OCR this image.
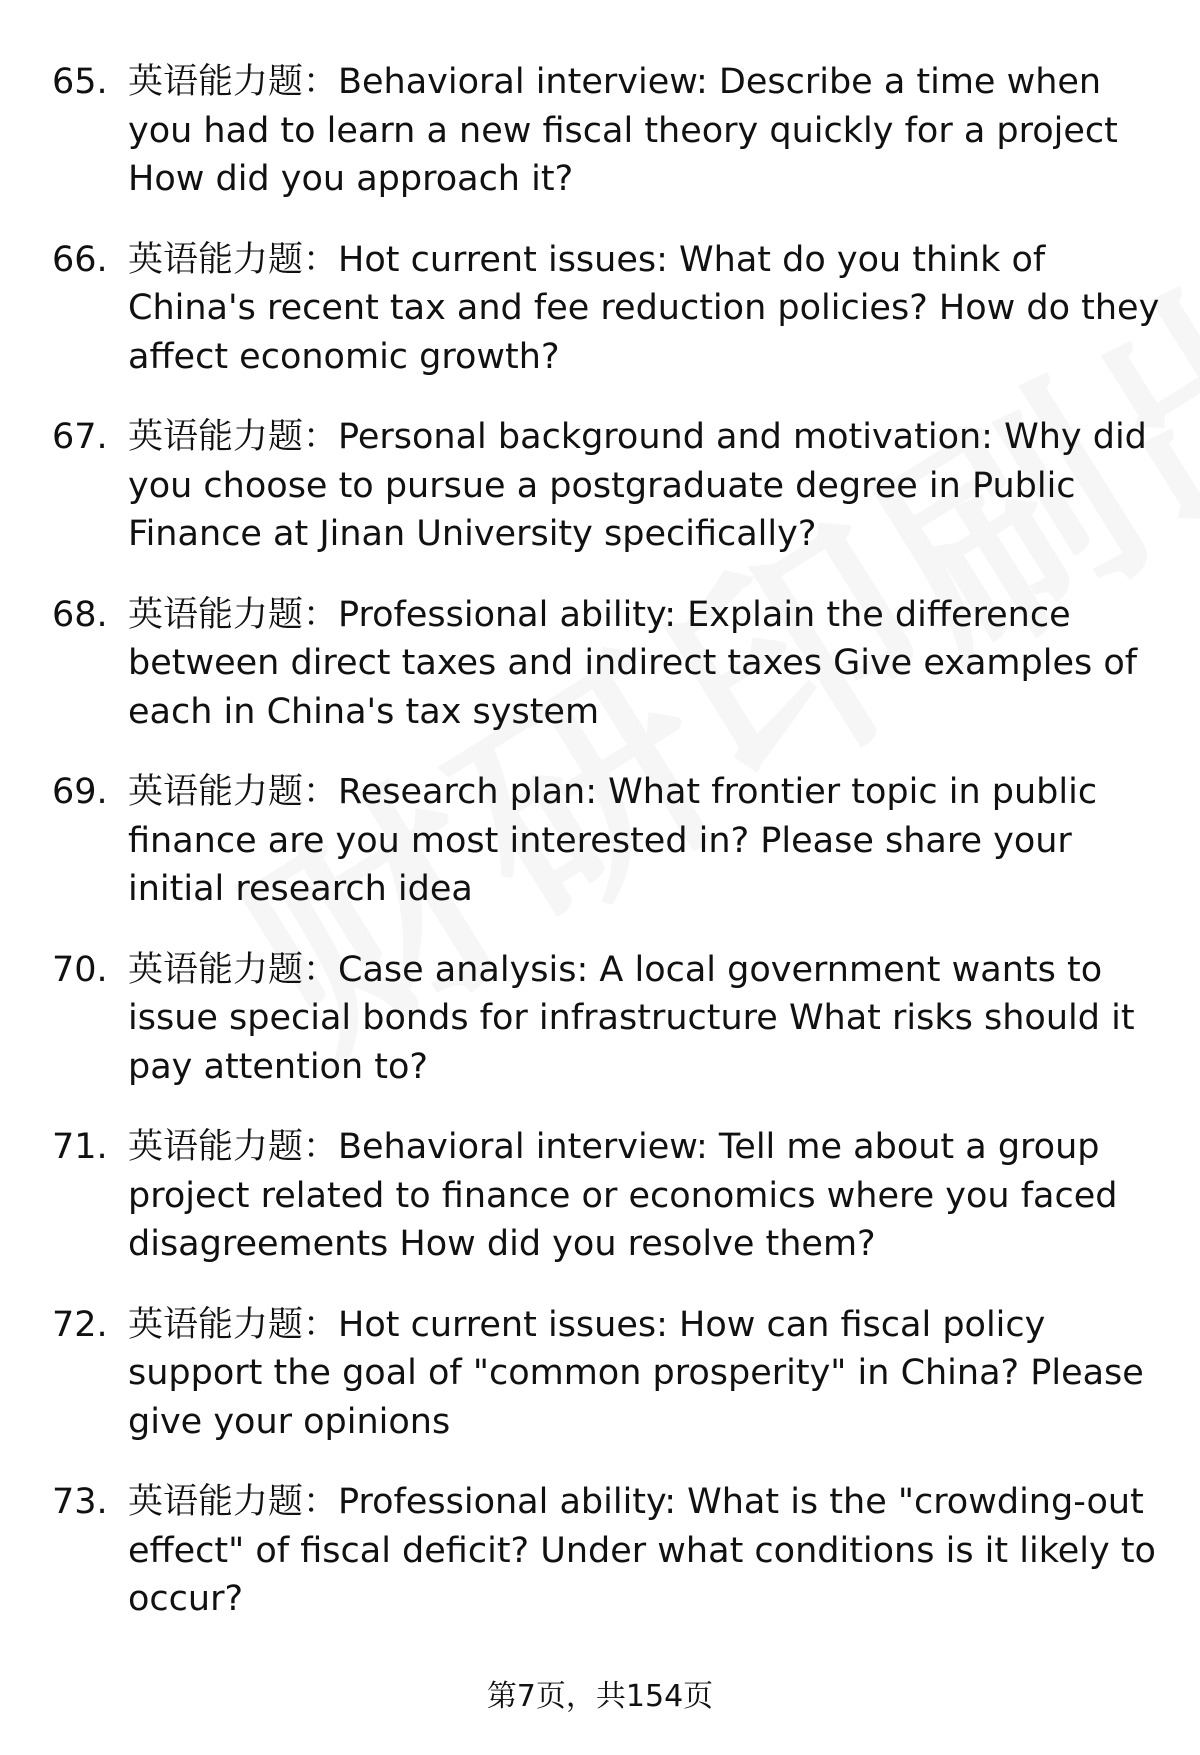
65. 英语能力题：Behavioral interview: Describe a time when you had to learn a new fiscal theory quickly for a project How did you approach it?
66. 英语能力题：Hot current issues: What do you think of China's recent tax and fee reduction policies? How do they affect economic growth?
67. 英语能力题：Personal background and motivation: Why did you choose to pursue a postgraduate degree in Public Finance at Jinan University specifically?
68. 英语能力题：Professional ability: Explain the difference between direct taxes and indirect taxes Give examples of each in China's tax system
69. 英语能力题：Research plan: What frontier topic in public finance are you most interested in? Please share your initial research idea
70. 英语能力题：Case analysis: A local government wants to issue special bonds for infrastructure What risks should it pay attention to?
71. 英语能力题：Behavioral interview: Tell me about a group project related to finance or economics where you faced disagreements How did you resolve them?
72. 英语能力题：Hot current issues: How can fiscal policy support the goal of "common prosperity" in China? Please give your opinions
73. 英语能力题：Professional ability: What is the "crowding-out effect" of fiscal deficit? Under what conditions is it likely to occur?
第7页，共154页
